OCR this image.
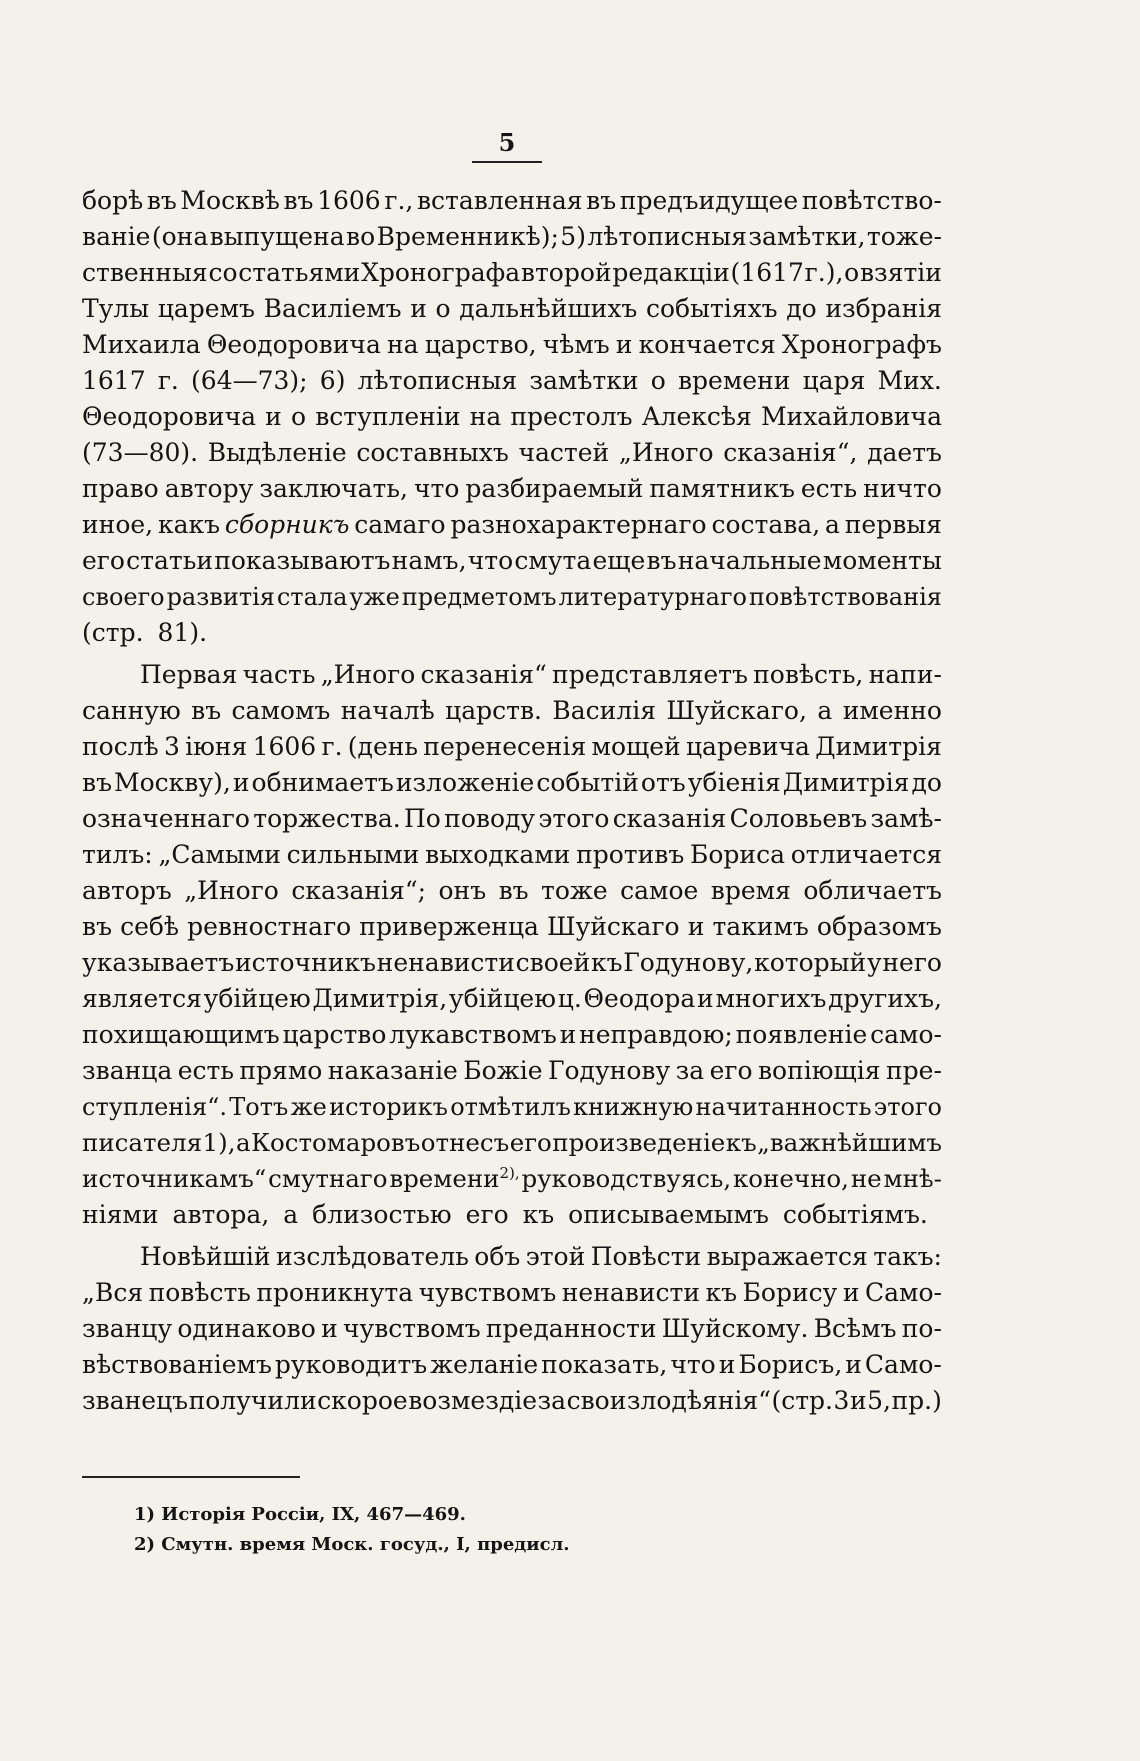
5
борѣ въ Москвѣ въ 1606 г., вставленная въ предъидущее повѣтство-
ваніе (она выпущена во Временникѣ); 5) лѣтописныя замѣтки, тоже-
ственныя со статьями Хронографа второй редакціи (1617 г.), о взятіи
Тулы царемъ Василіемъ и о дальнѣйшихъ событіяхъ до избранія
Михаила Θеодоровича на царство, чѣмъ и кончается Хронографъ
1617 г. (64—73); 6) лѣтописныя замѣтки о времени царя Мих.
Θеодоровича и о вступленіи на престолъ Алексѣя Михайловича
(73—80). Выдѣленіе составныхъ частей „Иного сказанія“, даетъ
право автору заключать, что разбираемый памятникъ есть ничто
иное, какъ сборникъ самаго разнохарактернаго состава, а первыя
его статьи показываютъ намъ, что смута еще въ начальные моменты
своего развитія стала уже предметомъ литературнаго повѣтствованія
(стр. 81).
Первая часть „Иного сказанія“ представляетъ повѣсть, напи-
санную въ самомъ началѣ царств. Василія Шуйскаго, а именно
послѣ 3 іюня 1606 г. (день перенесенія мощей царевича Димитрія
въ Москву), и обнимаетъ изложеніе событій отъ убіенія Димитрія до
означеннаго торжества. По поводу этого сказанія Соловьевъ замѣ-
тилъ: „Самыми сильными выходками противъ Бориса отличается
авторъ „Иного сказанія“; онъ въ тоже самое время обличаетъ
въ себѣ ревностнаго приверженца Шуйскаго и такимъ образомъ
указываетъ источникъ ненависти своей къ Годунову, который у него
является убійцею Димитрія, убійцею ц. Θеодора и многихъ другихъ,
похищающимъ царство лукавствомъ и неправдою; появленіе само-
званца есть прямо наказаніе Божіе Годунову за его вопіющія пре-
ступленія“. Тотъ же историкъ отмѣтилъ книжную начитанность этого
писателя 1), а Костомаровъ отнесъ его произведеніе къ „важнѣйшимъ
источникамъ“ смутнаго времени$^{2),}$ руководствуясь, конечно, не мнѣ-
ніями автора, а близостью его къ описываемымъ событіямъ.
Новѣйшій изслѣдователь объ этой Повѣсти выражается такъ:
„Вся повѣсть проникнута чувствомъ ненависти къ Борису и Само-
званцу одинаково и чувствомъ преданности Шуйскому. Всѣмъ по-
вѣствованіемъ руководитъ желаніе показать, что и Борисъ, и Само-
званецъ получили скорое возмездіе за свои злодѣянія“ (стр. 3 и 5, пр.)
1) Исторія Россіи, IX, 467—469.
2) Смутн. время Моск. госуд., I, предисл.
